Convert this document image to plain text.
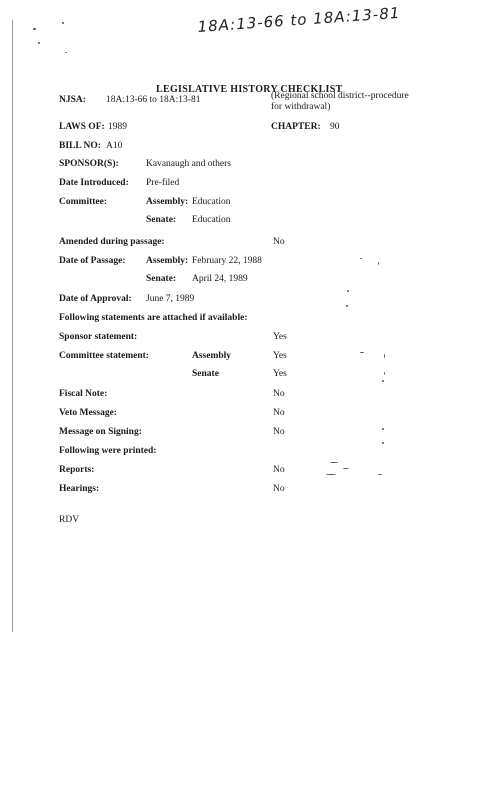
18A:13-66 to 18A:13-81
LEGISLATIVE HISTORY CHECKLIST
NJSA: 18A:13-66 to 18A:13-81	(Regional school district--procedure for withdrawal)
LAWS OF: 1989	CHAPTER: 90
BILL NO: A10
SPONSOR(S):	Kavanaugh and others
Date Introduced: Pre-filed
Committee:	Assembly: Education
Senate: Education
Amended during passage:	No
Date of Passage: Assembly: February 22, 1988
Senate: April 24, 1989
Date of Approval: June 7, 1989
Following statements are attached if available:
Sponsor statement:	Yes
Committee statement:	Assembly	Yes
Senate	Yes
Fiscal Note:	No
Veto Message:	No
Message on Signing:	No
Following were printed:
Reports:	No
Hearings:	No
RDV
